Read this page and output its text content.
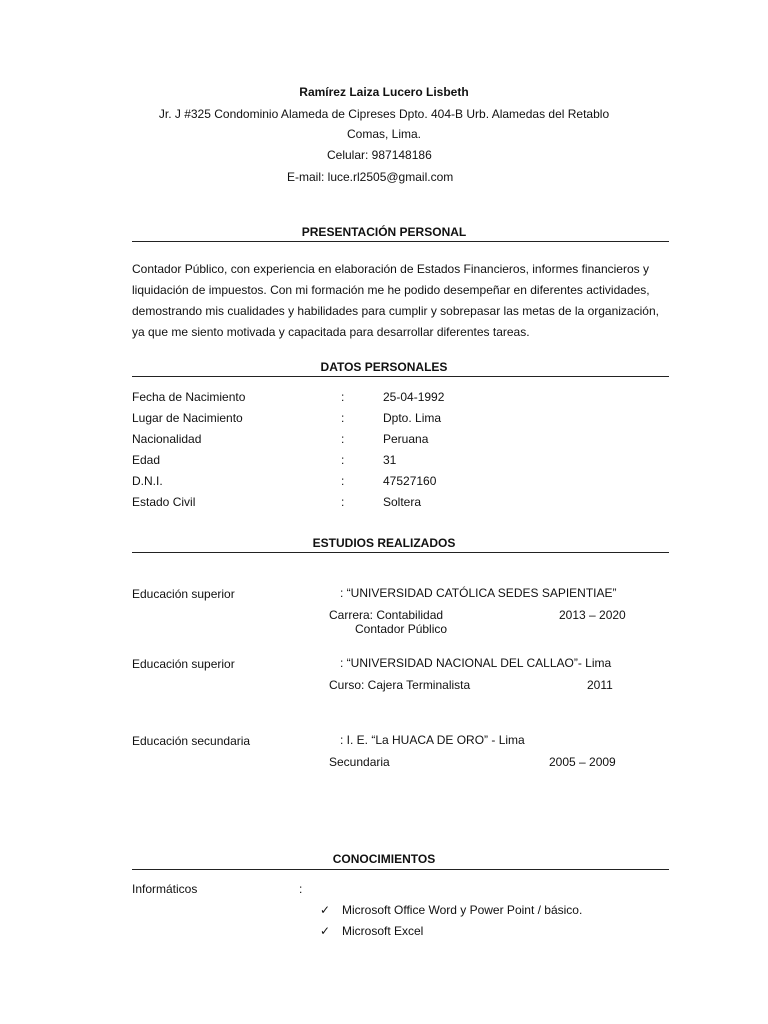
Ramírez Laiza Lucero Lisbeth
Jr. J #325 Condominio Alameda de Cipreses Dpto. 404-B Urb. Alamedas del Retablo
Comas, Lima.
Celular: 987148186
E-mail: luce.rl2505@gmail.com
PRESENTACIÓN PERSONAL
Contador Público, con experiencia en elaboración de Estados Financieros, informes financieros y liquidación de impuestos. Con mi formación me he podido desempeñar en diferentes actividades, demostrando mis cualidades y habilidades para cumplir y sobrepasar las metas de la organización, ya que me siento motivada y capacitada para desarrollar diferentes tareas.
DATOS PERSONALES
Fecha de Nacimiento	:	25-04-1992
Lugar de Nacimiento	:	Dpto. Lima
Nacionalidad	:	Peruana
Edad	:	31
D.N.I.	:	47527160
Estado Civil	:	Soltera
ESTUDIOS REALIZADOS
Educación superior	: “UNIVERSIDAD CATÓLICA SEDES SAPIENTIAE”
Carrera: Contabilidad	2013 – 2020
Contador Público
Educación superior	: “UNIVERSIDAD NACIONAL DEL CALLAO”- Lima
Curso: Cajera Terminalista	2011
Educación secundaria	: I. E. “La HUACA DE ORO” - Lima
Secundaria	2005 – 2009
CONOCIMIENTOS
Informáticos	:
✓ Microsoft Office Word y Power Point / básico.
✓ Microsoft Excel
